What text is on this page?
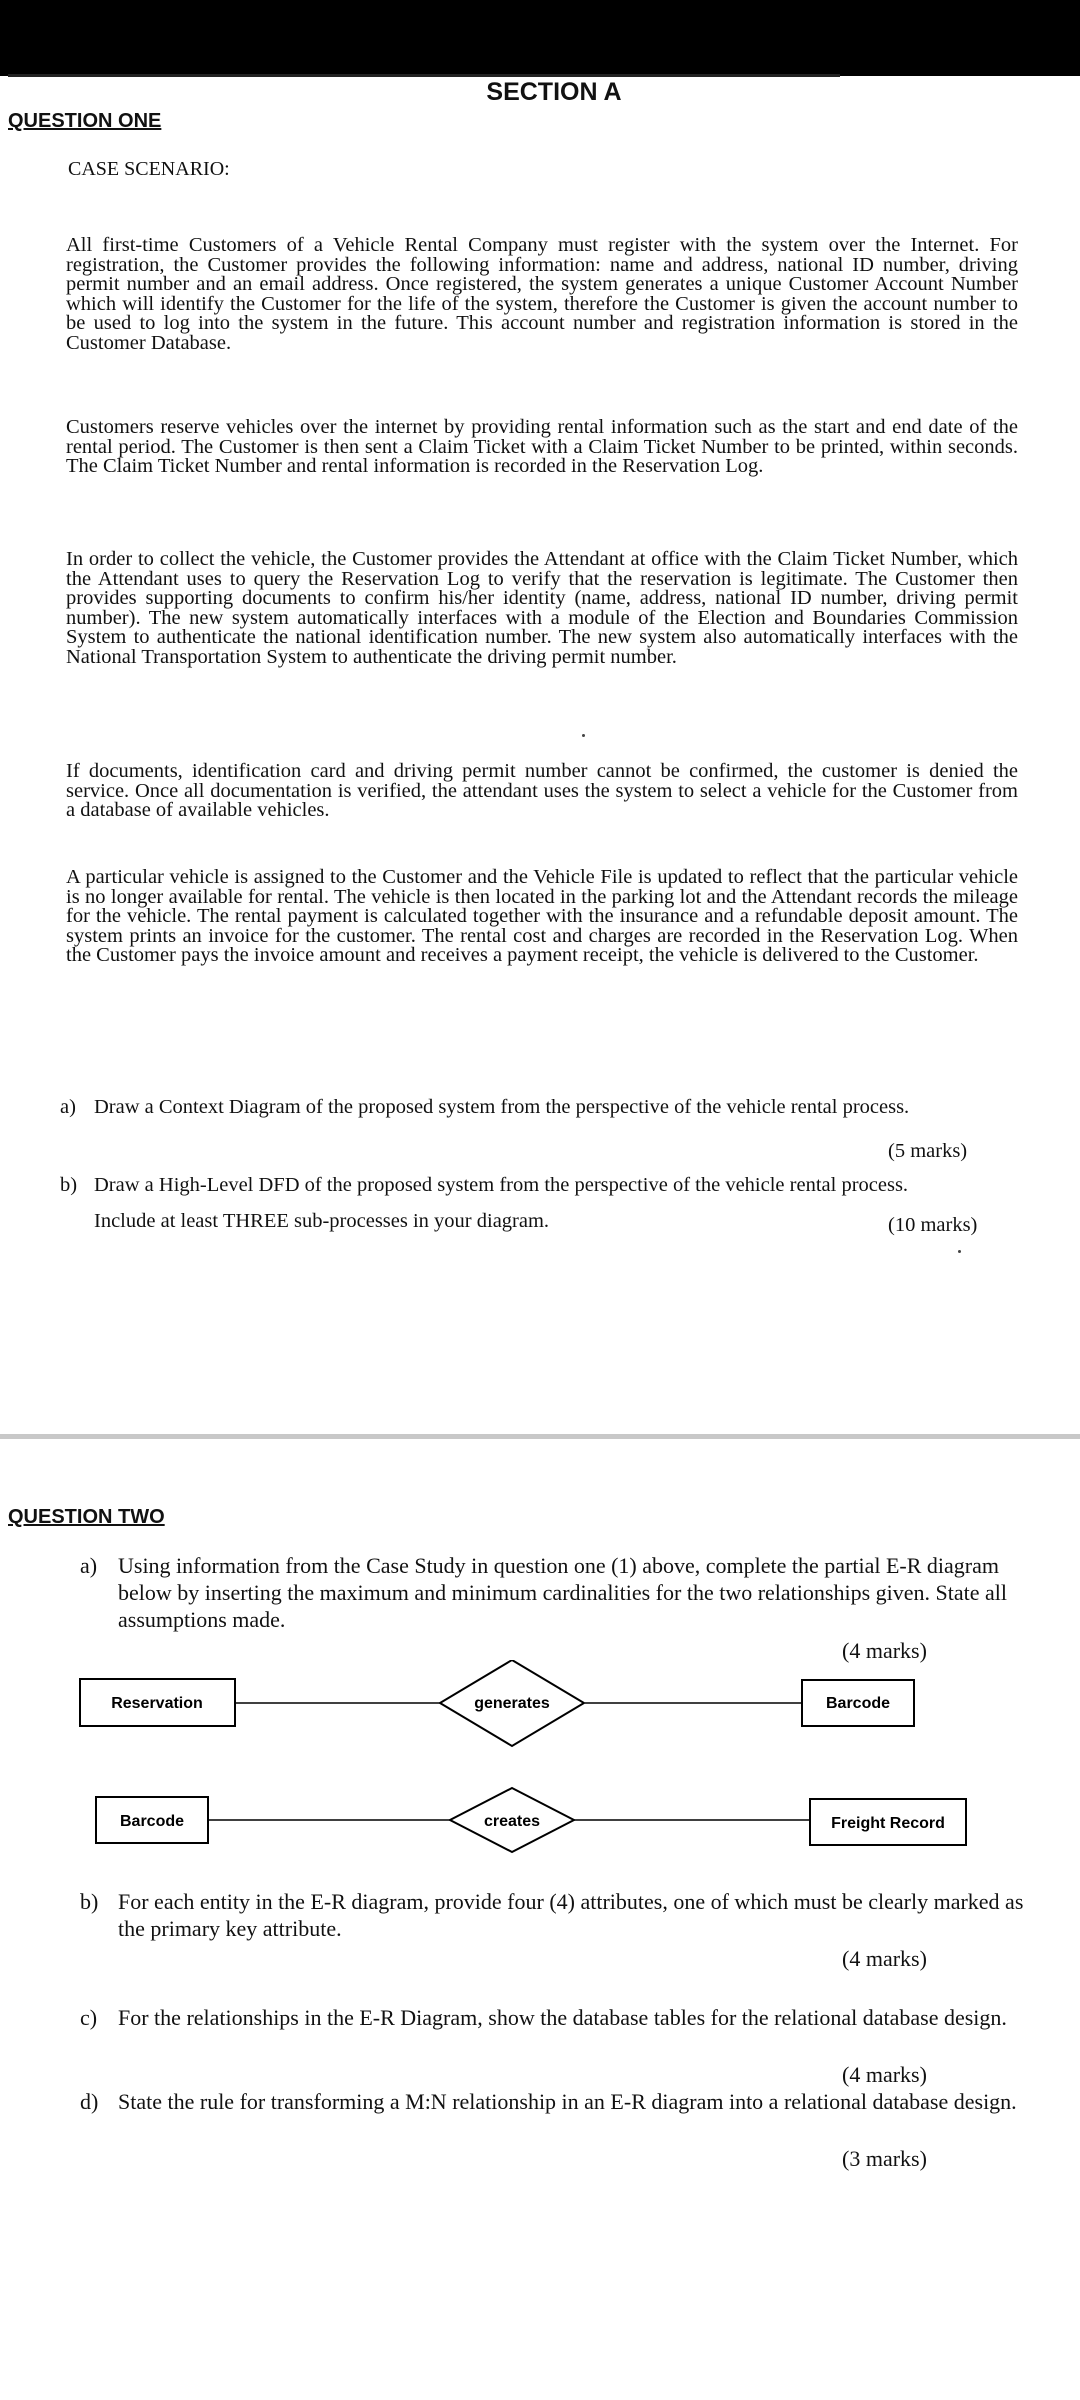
SECTION A
QUESTION ONE
CASE SCENARIO:

All first-time Customers of a Vehicle Rental Company must register with the system over the Internet. For registration, the Customer provides the following information: name and address, national ID number, driving permit number and an email address. Once registered, the system generates a unique Customer Account Number which will identify the Customer for the life of the system, therefore the Customer is given the account number to be used to log into the system in the future. This account number and registration information is stored in the Customer Database.

Customers reserve vehicles over the internet by providing rental information such as the start and end date of the rental period. The Customer is then sent a Claim Ticket with a Claim Ticket Number to be printed, within seconds. The Claim Ticket Number and rental information is recorded in the Reservation Log.

In order to collect the vehicle, the Customer provides the Attendant at office with the Claim Ticket Number, which the Attendant uses to query the Reservation Log to verify that the reservation is legitimate. The Customer then provides supporting documents to confirm his/her identity (name, address, national ID number, driving permit number). The new system automatically interfaces with a module of the Election and Boundaries Commission System to authenticate the national identification number. The new system also automatically interfaces with the National Transportation System to authenticate the driving permit number.

If documents, identification card and driving permit number cannot be confirmed, the customer is denied the service. Once all documentation is verified, the attendant uses the system to select a vehicle for the Customer from a database of available vehicles.

A particular vehicle is assigned to the Customer and the Vehicle File is updated to reflect that the particular vehicle is no longer available for rental. The vehicle is then located in the parking lot and the Attendant records the mileage for the vehicle. The rental payment is calculated together with the insurance and a refundable deposit amount. The system prints an invoice for the customer. The rental cost and charges are recorded in the Reservation Log. When the Customer pays the invoice amount and receives a payment receipt, the vehicle is delivered to the Customer.

a) Draw a Context Diagram of the proposed system from the perspective of the vehicle rental process.
(5 marks)
b) Draw a High-Level DFD of the proposed system from the perspective of the vehicle rental process.
Include at least THREE sub-processes in your diagram.	(10 marks)
QUESTION TWO
a) Using information from the Case Study in question one (1) above, complete the partial E-R diagram below by inserting the maximum and minimum cardinalities for the two relationships given. State all assumptions made.
(4 marks)
Reservation	generates	Barcode
Barcode	creates	Freight Record
b) For each entity in the E-R diagram, provide four (4) attributes, one of which must be clearly marked as the primary key attribute.
(4 marks)
c) For the relationships in the E-R Diagram, show the database tables for the relational database design.
(4 marks)
d) State the rule for transforming a M:N relationship in an E-R diagram into a relational database design.
(3 marks)
